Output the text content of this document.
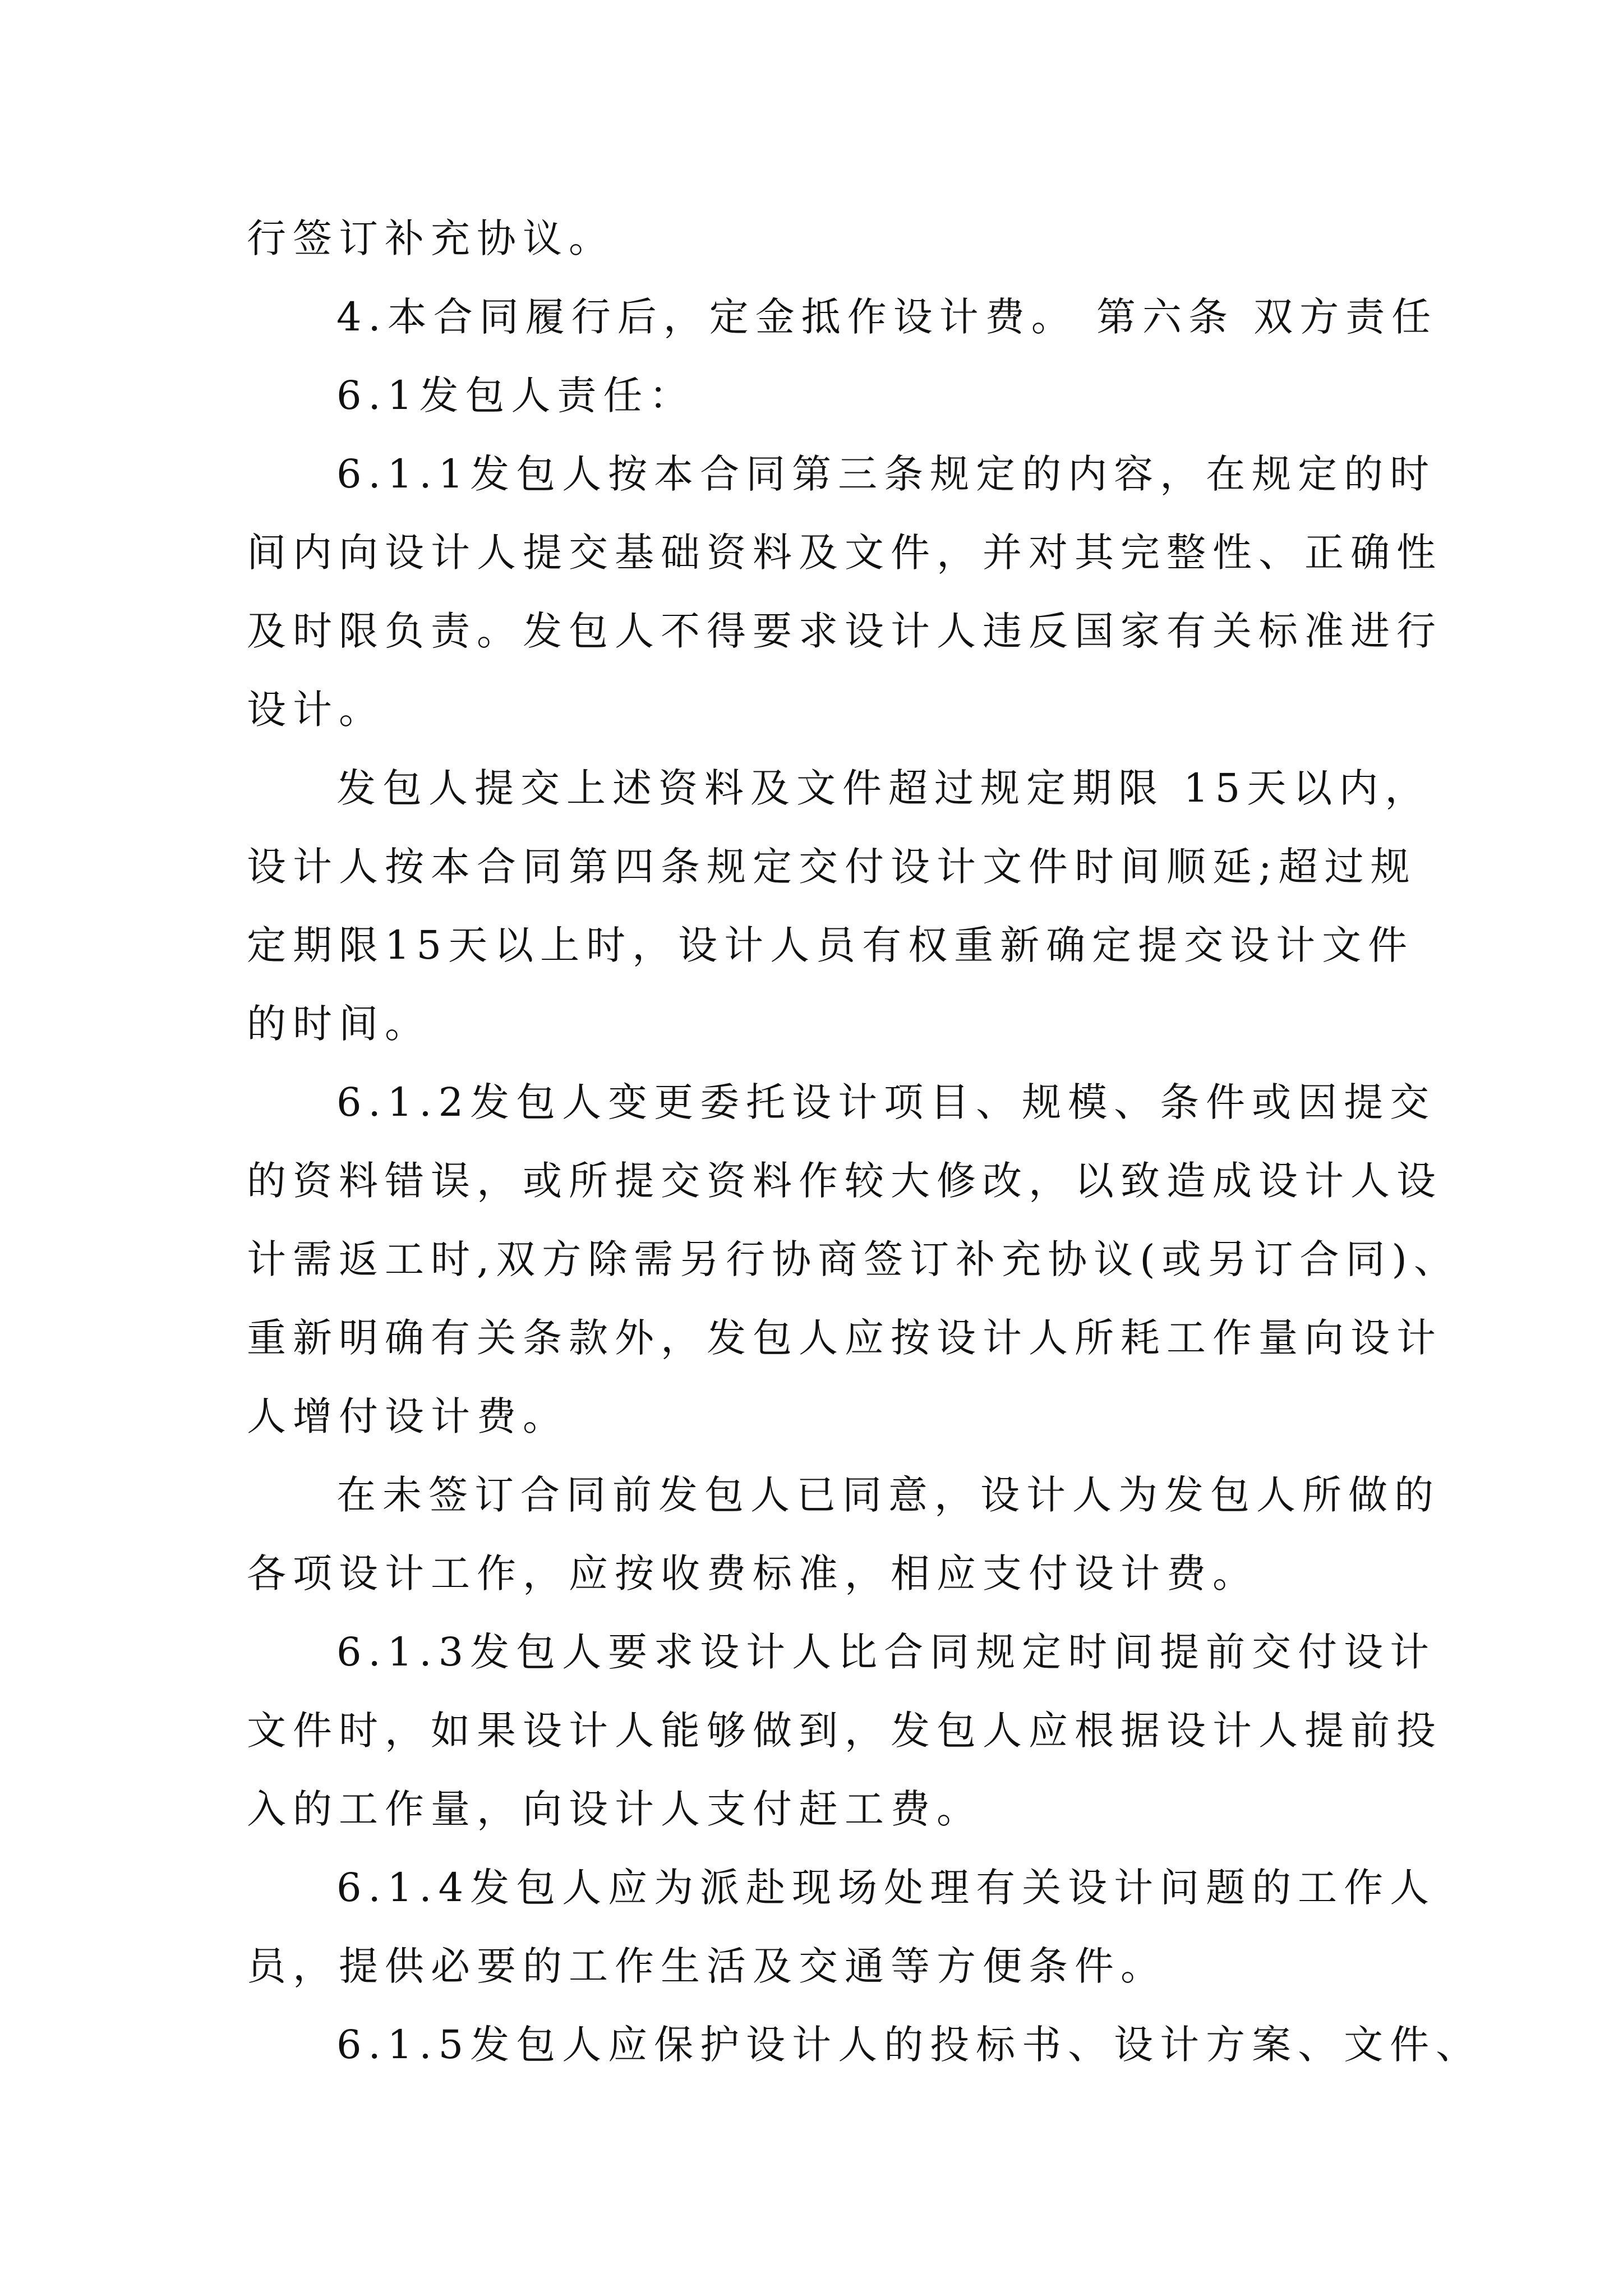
行签订补充协议。
4.本合同履行后，定金抵作设计费。 第六条 双方责任
6.1发包人责任：
6.1.1发包人按本合同第三条规定的内容，在规定的时
间内向设计人提交基础资料及文件，并对其完整性、正确性
及时限负责。发包人不得要求设计人违反国家有关标准进行
设计。
发包人提交上述资料及文件超过规定期限 15天以内，
设计人按本合同第四条规定交付设计文件时间顺延;超过规
定期限15天以上时，设计人员有权重新确定提交设计文件
的时间。
6.1.2发包人变更委托设计项目、规模、条件或因提交
的资料错误，或所提交资料作较大修改，以致造成设计人设
计需返工时,双方除需另行协商签订补充协议(或另订合同)、
重新明确有关条款外，发包人应按设计人所耗工作量向设计
人增付设计费。
在未签订合同前发包人已同意，设计人为发包人所做的
各项设计工作，应按收费标准，相应支付设计费。
6.1.3发包人要求设计人比合同规定时间提前交付设计
文件时，如果设计人能够做到，发包人应根据设计人提前投
入的工作量，向设计人支付赶工费。
6.1.4发包人应为派赴现场处理有关设计问题的工作人
员，提供必要的工作生活及交通等方便条件。
6.1.5发包人应保护设计人的投标书、设计方案、文件、
